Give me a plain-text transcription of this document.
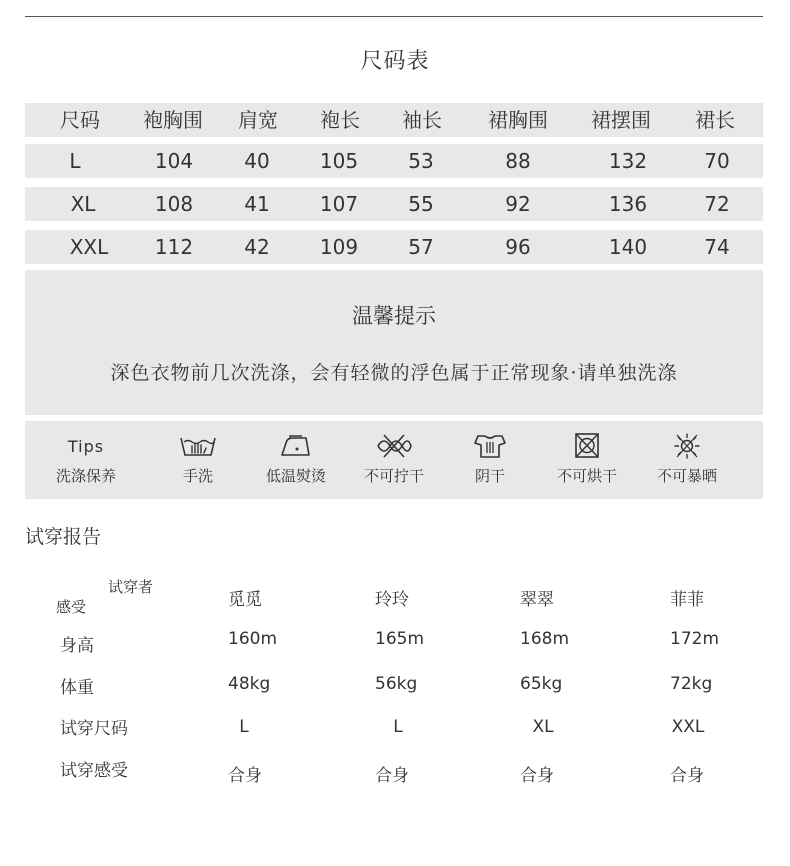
尺码表
尺码 袍胸围 肩宽 袍长 袖长 裙胸围 裙摆围 裙长
L	104	40	105	53	88	132	70
XL	108	41	107	55	92	136	72
XXL 112	42	109	57	96	140	74
温馨提示
深色衣物前几次洗涤，会有轻微的浮色属于正常现象·请单独洗涤
Tips
洗涤保养	手洗	低温熨烫	不可拧干	阴干	不可烘干	不可暴晒
试穿报告
试穿者
感受	觅觅	玲玲	翠翠	菲菲
身高	160m	165m	168m	172m
体重	48kg	56kg	65kg	72kg
试穿尺码	L	L	XL	XXL
试穿感受	合身	合身	合身	合身
